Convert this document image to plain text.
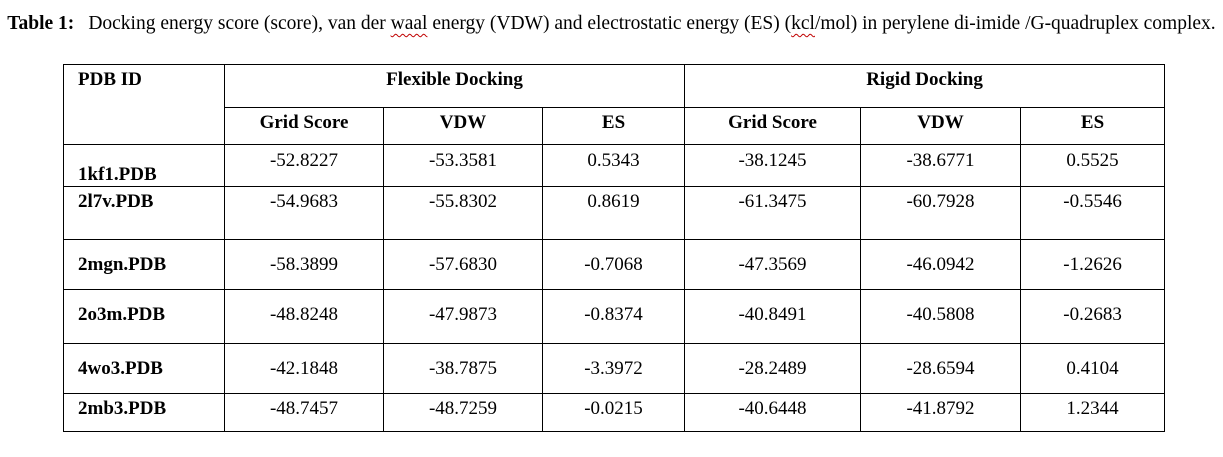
Table 1: Docking energy score (score), van der waal energy (VDW) and electrostatic energy (ES) (kcl/mol) in perylene di-imide /G-quadruplex complex.
PDB ID	Flexible Docking			Rigid Docking		
	Grid Score	VDW	ES	Grid Score	VDW	ES
1kf1.PDB	-52.8227	-53.3581	0.5343	-38.1245	-38.6771	0.5525
2l7v.PDB	-54.9683	-55.8302	0.8619	-61.3475	-60.7928	-0.5546
2mgn.PDB	-58.3899	-57.6830	-0.7068	-47.3569	-46.0942	-1.2626
2o3m.PDB	-48.8248	-47.9873	-0.8374	-40.8491	-40.5808	-0.2683
4wo3.PDB	-42.1848	-38.7875	-3.3972	-28.2489	-28.6594	0.4104
2mb3.PDB	-48.7457	-48.7259	-0.0215	-40.6448	-41.8792	1.2344
